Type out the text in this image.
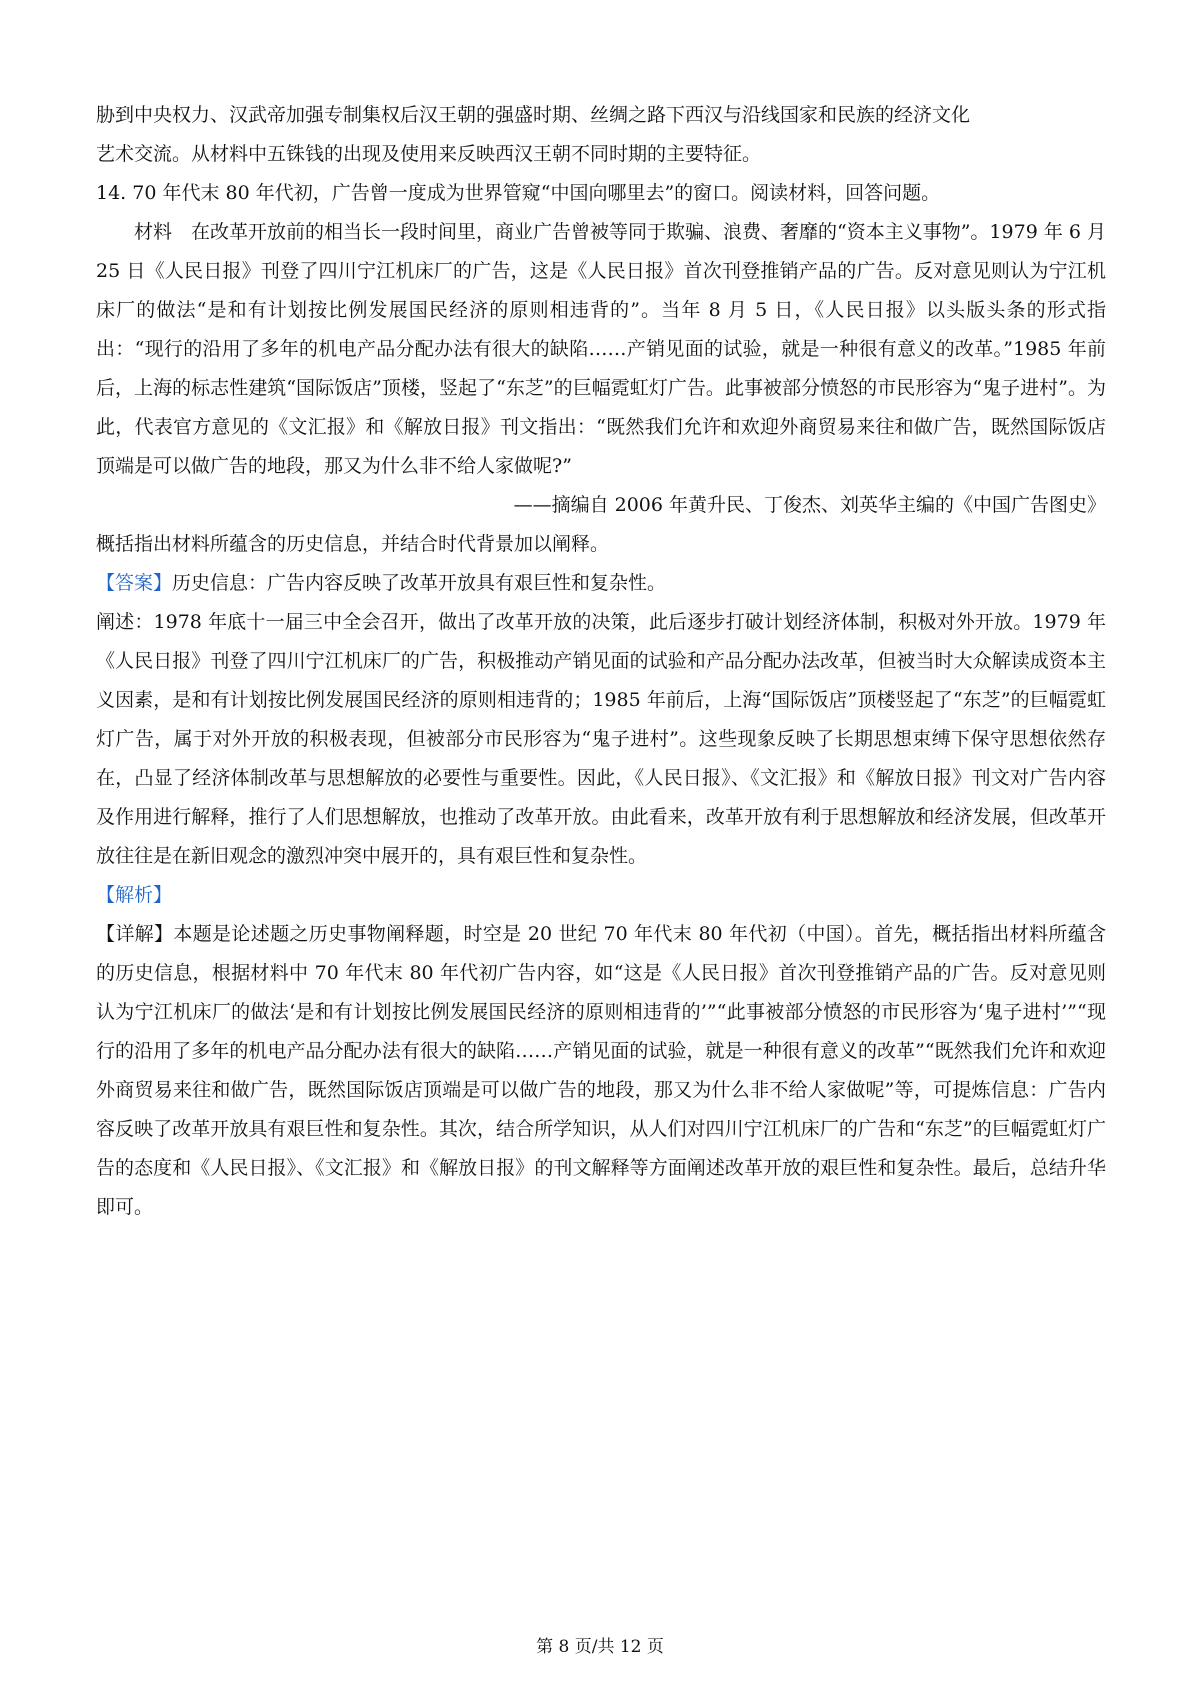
胁到中央权力、汉武帝加强专制集权后汉王朝的强盛时期、丝绸之路下西汉与沿线国家和民族的经济文化

艺术交流。从材料中五铢钱的出现及使用来反映西汉王朝不同时期的主要特征。

14. 70 年代末 80 年代初，广告曾一度成为世界管窥“中国向哪里去”的窗口。阅读材料，回答问题。

材料　在改革开放前的相当长一段时间里，商业广告曾被等同于欺骗、浪费、奢靡的“资本主义事物”。1979 年 6 月 25 日《人民日报》刊登了四川宁江机床厂的广告，这是《人民日报》首次刊登推销产品的广告。反对意见则认为宁江机床厂的做法“是和有计划按比例发展国民经济的原则相违背的”。当年 8 月 5 日，《人民日报》以头版头条的形式指出：“现行的沿用了多年的机电产品分配办法有很大的缺陷……产销见面的试验，就是一种很有意义的改革。”1985 年前后，上海的标志性建筑“国际饭店”顶楼，竖起了“东芝”的巨幅霓虹灯广告。此事被部分愤怒的市民形容为“鬼子进村”。为此，代表官方意见的《文汇报》和《解放日报》刊文指出：“既然我们允许和欢迎外商贸易来往和做广告，既然国际饭店顶端是可以做广告的地段，那又为什么非不给人家做呢?”

——摘编自 2006 年黄升民、丁俊杰、刘英华主编的《中国广告图史》

概括指出材料所蕴含的历史信息，并结合时代背景加以阐释。

【答案】历史信息：广告内容反映了改革开放具有艰巨性和复杂性。

阐述：1978 年底十一届三中全会召开，做出了改革开放的决策，此后逐步打破计划经济体制，积极对外开放。1979 年《人民日报》刊登了四川宁江机床厂的广告，积极推动产销见面的试验和产品分配办法改革，但被当时大众解读成资本主义因素，是和有计划按比例发展国民经济的原则相违背的；1985 年前后，上海“国际饭店”顶楼竖起了“东芝”的巨幅霓虹灯广告，属于对外开放的积极表现，但被部分市民形容为“鬼子进村”。这些现象反映了长期思想束缚下保守思想依然存在，凸显了经济体制改革与思想解放的必要性与重要性。因此，《人民日报》、《文汇报》和《解放日报》刊文对广告内容及作用进行解释，推行了人们思想解放，也推动了改革开放。由此看来，改革开放有利于思想解放和经济发展，但改革开放往往是在新旧观念的激烈冲突中展开的，具有艰巨性和复杂性。

【解析】

【详解】本题是论述题之历史事物阐释题，时空是 20 世纪 70 年代末 80 年代初（中国）。首先，概括指出材料所蕴含的历史信息，根据材料中 70 年代末 80 年代初广告内容，如“这是《人民日报》首次刊登推销产品的广告。反对意见则认为宁江机床厂的做法‘是和有计划按比例发展国民经济的原则相违背的’”“此事被部分愤怒的市民形容为‘鬼子进村’”“现行的沿用了多年的机电产品分配办法有很大的缺陷……产销见面的试验，就是一种很有意义的改革”“既然我们允许和欢迎外商贸易来往和做广告，既然国际饭店顶端是可以做广告的地段，那又为什么非不给人家做呢”等，可提炼信息：广告内容反映了改革开放具有艰巨性和复杂性。其次，结合所学知识，从人们对四川宁江机床厂的广告和“东芝”的巨幅霓虹灯广告的态度和《人民日报》、《文汇报》和《解放日报》的刊文解释等方面阐述改革开放的艰巨性和复杂性。最后，总结升华即可。

第 8 页/共 12 页
